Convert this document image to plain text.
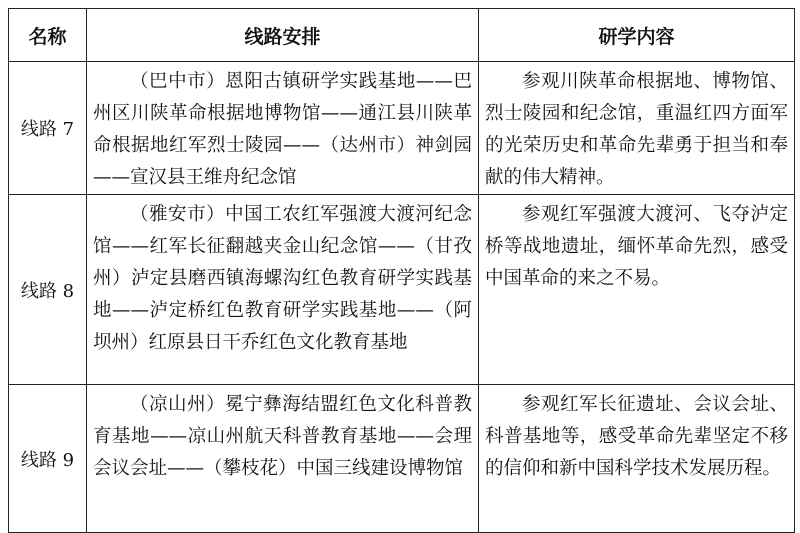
名称	线路安排	研学内容
线路 7	（巴中市）恩阳古镇研学实践基地——巴州区川陕革命根据地博物馆——通江县川陕革命根据地红军烈士陵园——（达州市）神剑园——宣汉县王维舟纪念馆	参观川陕革命根据地、博物馆、烈士陵园和纪念馆，重温红四方面军的光荣历史和革命先辈勇于担当和奉献的伟大精神。

线路 8	（雅安市）中国工农红军强渡大渡河纪念馆——红军长征翻越夹金山纪念馆——（甘孜州）泸定县磨西镇海螺沟红色教育研学实践基地——泸定桥红色教育研学实践基地——（阿坝州）红原县日干乔红色文化教育基地	参观红军强渡大渡河、飞夺泸定桥等战地遗址，缅怀革命先烈，感受中国革命的来之不易。

线路 9	（凉山州）冕宁彝海结盟红色文化科普教育基地——凉山州航天科普教育基地——会理会议会址——（攀枝花）中国三线建设博物馆	参观红军长征遗址、会议会址、科普基地等，感受革命先辈坚定不移的信仰和新中国科学技术发展历程。
